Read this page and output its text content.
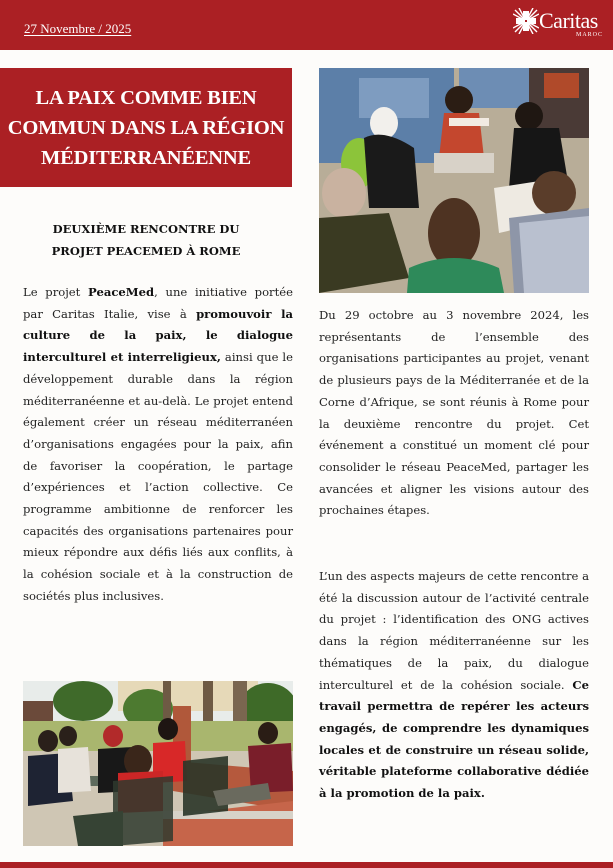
27 Novembre / 2025	Caritas
MAROC
LA PAIX COMME BIEN
COMMUN DANS LA RÉGION
MÉDITERRANÉENNE
DEUXIÈME RENCONTRE DU
PROJET PEACEMED À ROME

Le projet PeaceMed, une initiative portée par Caritas Italie, vise à promouvoir la culture de la paix, le dialogue interculturel et interreligieux, ainsi que le développement durable dans la région méditerranéenne et au-delà. Le projet entend également créer un réseau méditerranéen d’organisations engagées pour la paix, afin de favoriser la coopération, le partage d’expériences et l’action collective. Ce programme ambitionne de renforcer les capacités des organisations partenaires pour mieux répondre aux défis liés aux conflits, à la cohésion sociale et à la construction de sociétés plus inclusives.

Du 29 octobre au 3 novembre 2024, les représentants de l’ensemble des organisations participantes au projet, venant de plusieurs pays de la Méditerranée et de la Corne d’Afrique, se sont réunis à Rome pour la deuxième rencontre du projet. Cet événement a constitué un moment clé pour consolider le réseau PeaceMed, partager les avancées et aligner les visions autour des prochaines étapes.

L’un des aspects majeurs de cette rencontre a été la discussion autour de l’activité centrale du projet : l’identification des ONG actives dans la région méditerranéenne sur les thématiques de la paix, du dialogue interculturel et de la cohésion sociale. Ce travail permettra de repérer les acteurs engagés, de comprendre les dynamiques locales et de construire un réseau solide, véritable plateforme collaborative dédiée à la promotion de la paix.
